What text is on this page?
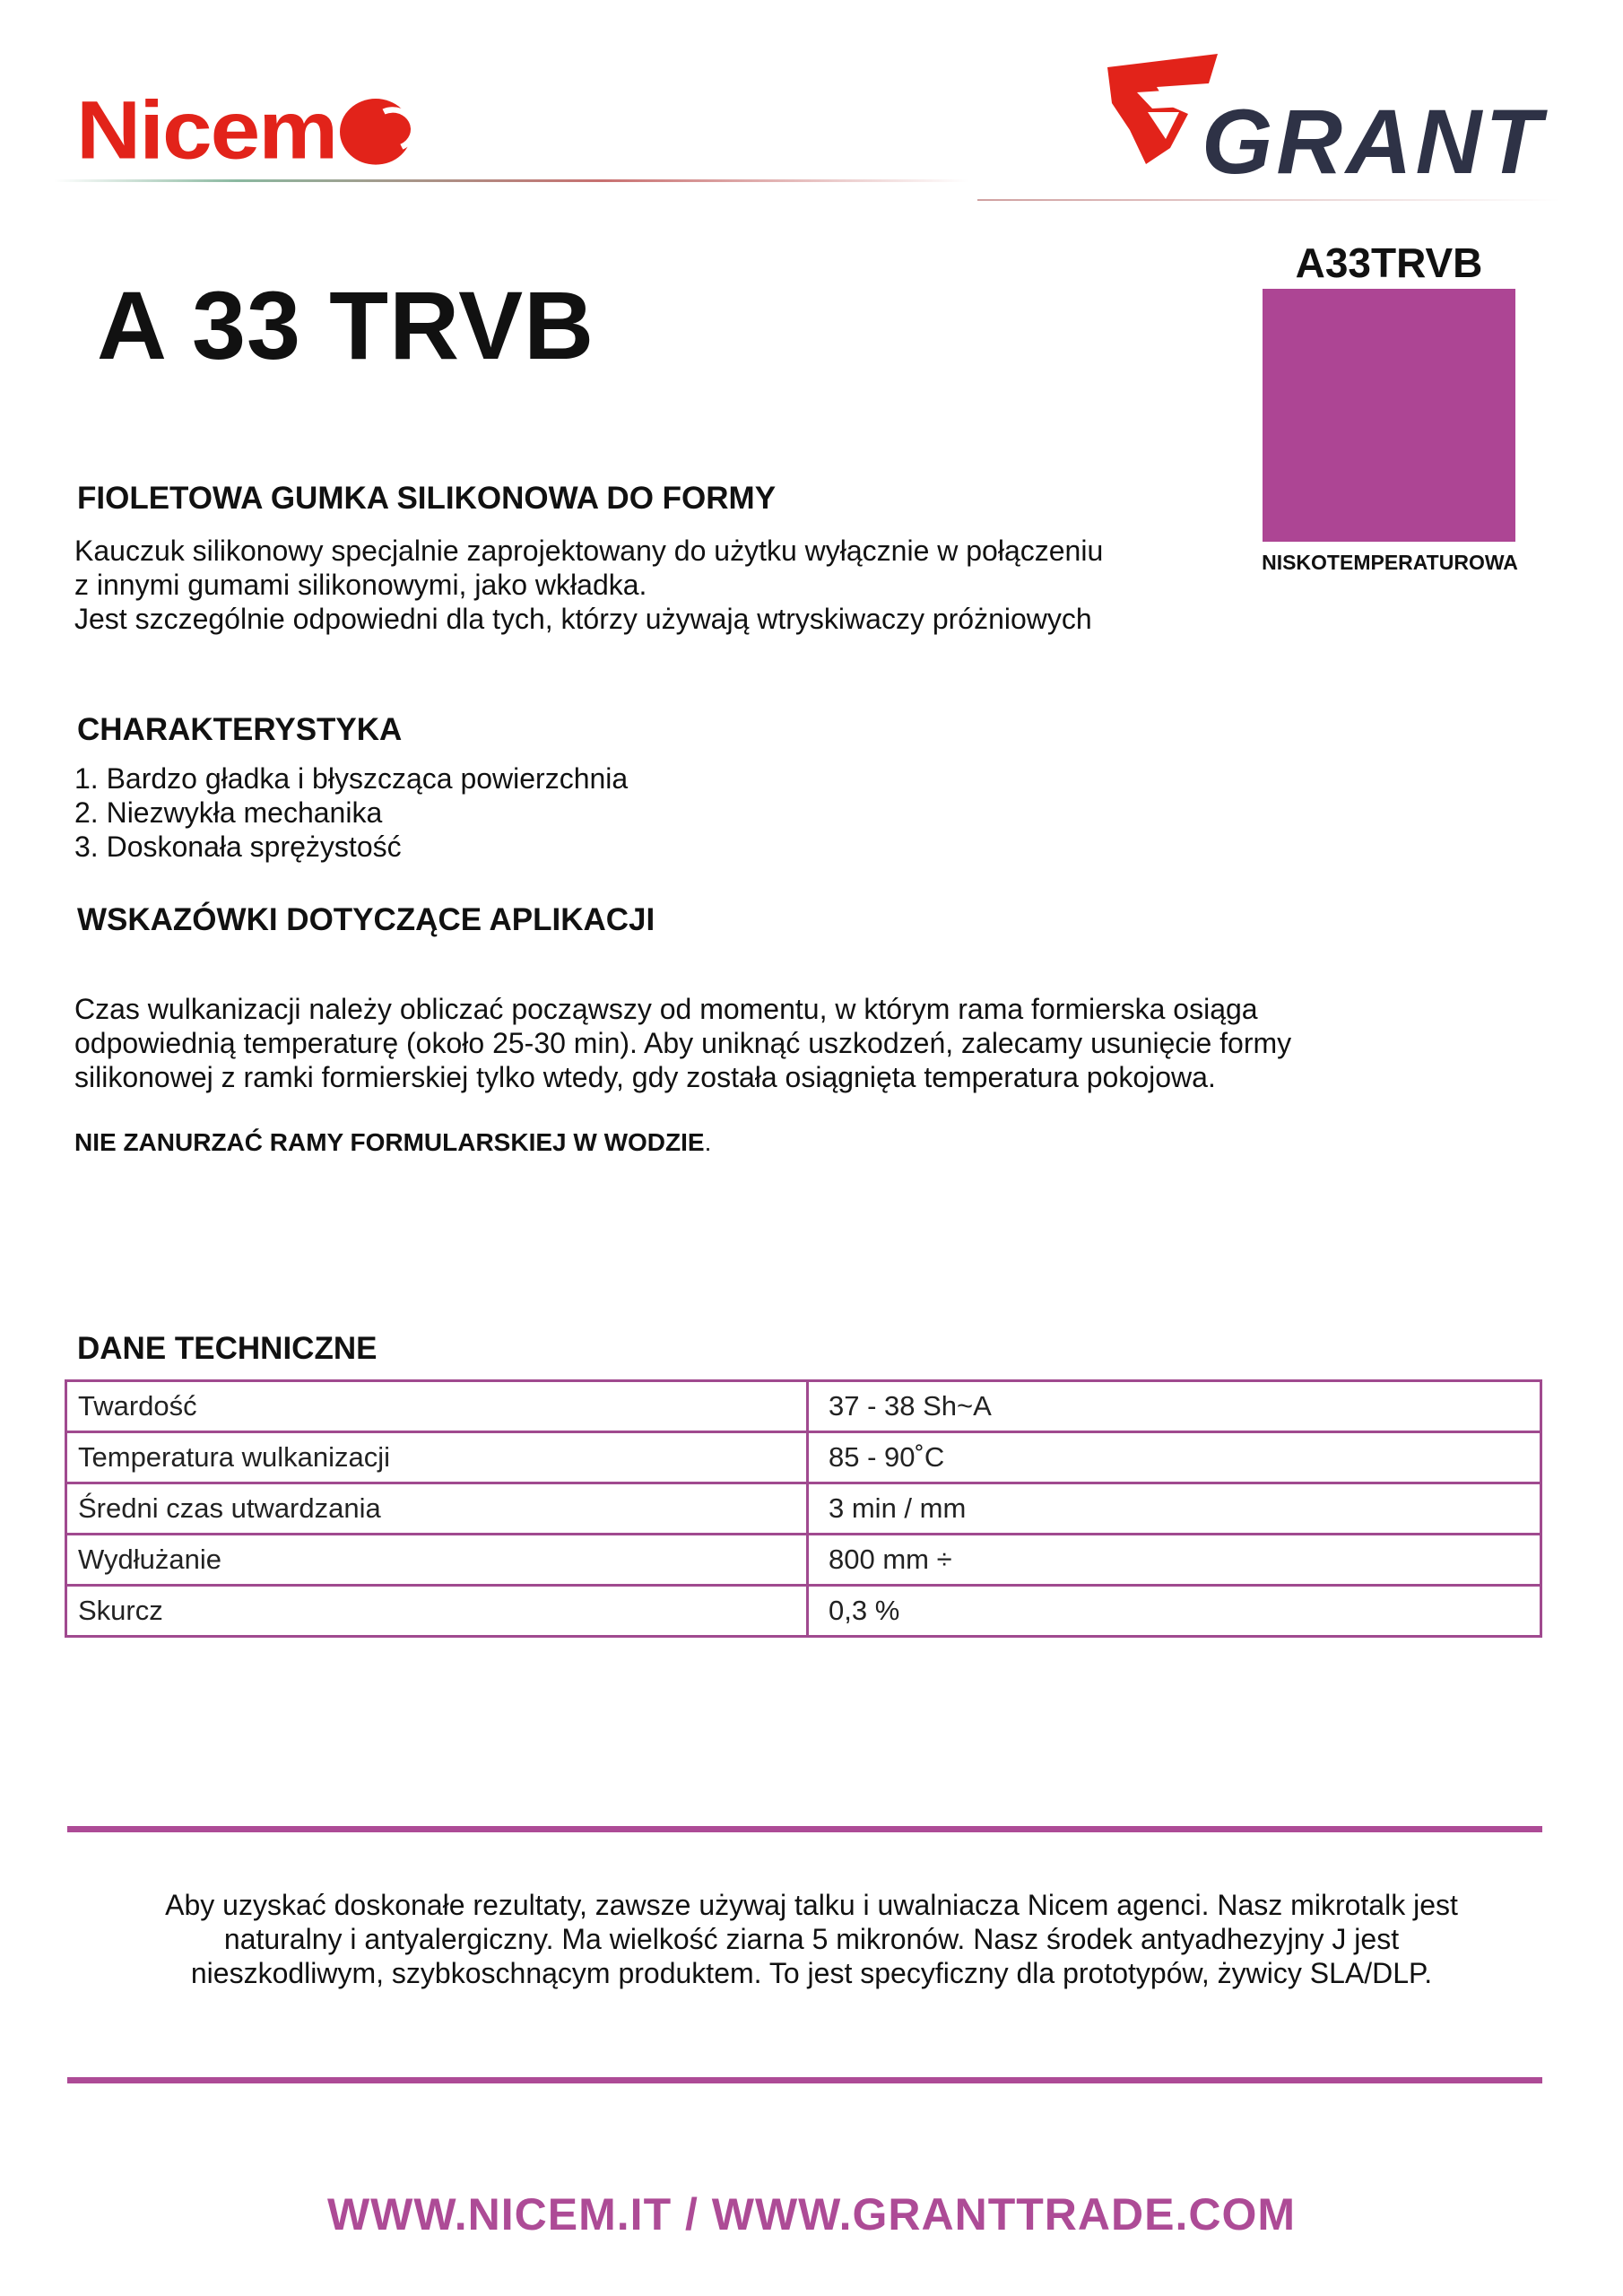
Nicem	GRANT
A 33 TRVB
A33TRVB
NISKOTEMPERATUROWA
FIOLETOWA GUMKA SILIKONOWA DO FORMY
Kauczuk silikonowy specjalnie zaprojektowany do użytku wyłącznie w połączeniu
z innymi gumami silikonowymi, jako wkładka.
Jest szczególnie odpowiedni dla tych, którzy używają wtryskiwaczy próżniowych
CHARAKTERYSTYKA
1. Bardzo gładka i błyszcząca powierzchnia
2. Niezwykła mechanika
3. Doskonała sprężystość
WSKAZÓWKI DOTYCZĄCE APLIKACJI
Czas wulkanizacji należy obliczać począwszy od momentu, w którym rama formierska osiąga
odpowiednią temperaturę (około 25-30 min). Aby uniknąć uszkodzeń, zalecamy usunięcie formy
silikonowej z ramki formierskiej tylko wtedy, gdy została osiągnięta temperatura pokojowa.
NIE ZANURZAĆ RAMY FORMULARSKIEJ W WODZIE.
DANE TECHNICZNE
Twardość	37 - 38 Sh~A
Temperatura wulkanizacji	85 - 90˚C
Średni czas utwardzania	3 min / mm
Wydłużanie	800 mm ÷
Skurcz	0,3 %
Aby uzyskać doskonałe rezultaty, zawsze używaj talku i uwalniacza Nicem agenci. Nasz mikrotalk jest
naturalny i antyalergiczny. Ma wielkość ziarna 5 mikronów. Nasz środek antyadhezyjny J jest
nieszkodliwym, szybkoschnącym produktem. To jest specyficzny dla prototypów, żywicy SLA/DLP.
WWW.NICEM.IT / WWW.GRANTTRADE.COM
